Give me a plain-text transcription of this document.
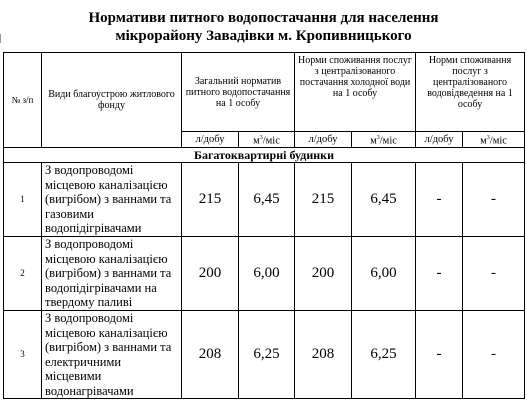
Нормативи питного водопостачання для населення
мікрорайону Завадівки м. Кропивницького
№ з/п	Види благоустрою житлового фонду	Загальний норматив питного водопостачання на 1 особу		Норми споживання послуг з централізованого постачання холодної води на 1 особу		Норми споживання послуг з централізованого водовідведення на 1 особу	
		л/добу	$м^3$/міс	л/добу	$м^3$/міс	л/добу	$м^3$/міс
Багатоквартирні будинки							
1	З водопроводомі місцевою каналізацією (вигрібом) з ваннами та газовими водопідігрівачами	215	6,45	215	6,45	-	-
2	З водопроводомі місцевою каналізацією (вигрібом) з ваннами та водопідігрівачами на твердому паливі	200	6,00	200	6,00	-	-
3	З водопроводомі місцевою каналізацією (вигрібом) з ваннами та електричними місцевими водонагрівачами	208	6,25	208	6,25	-	-
